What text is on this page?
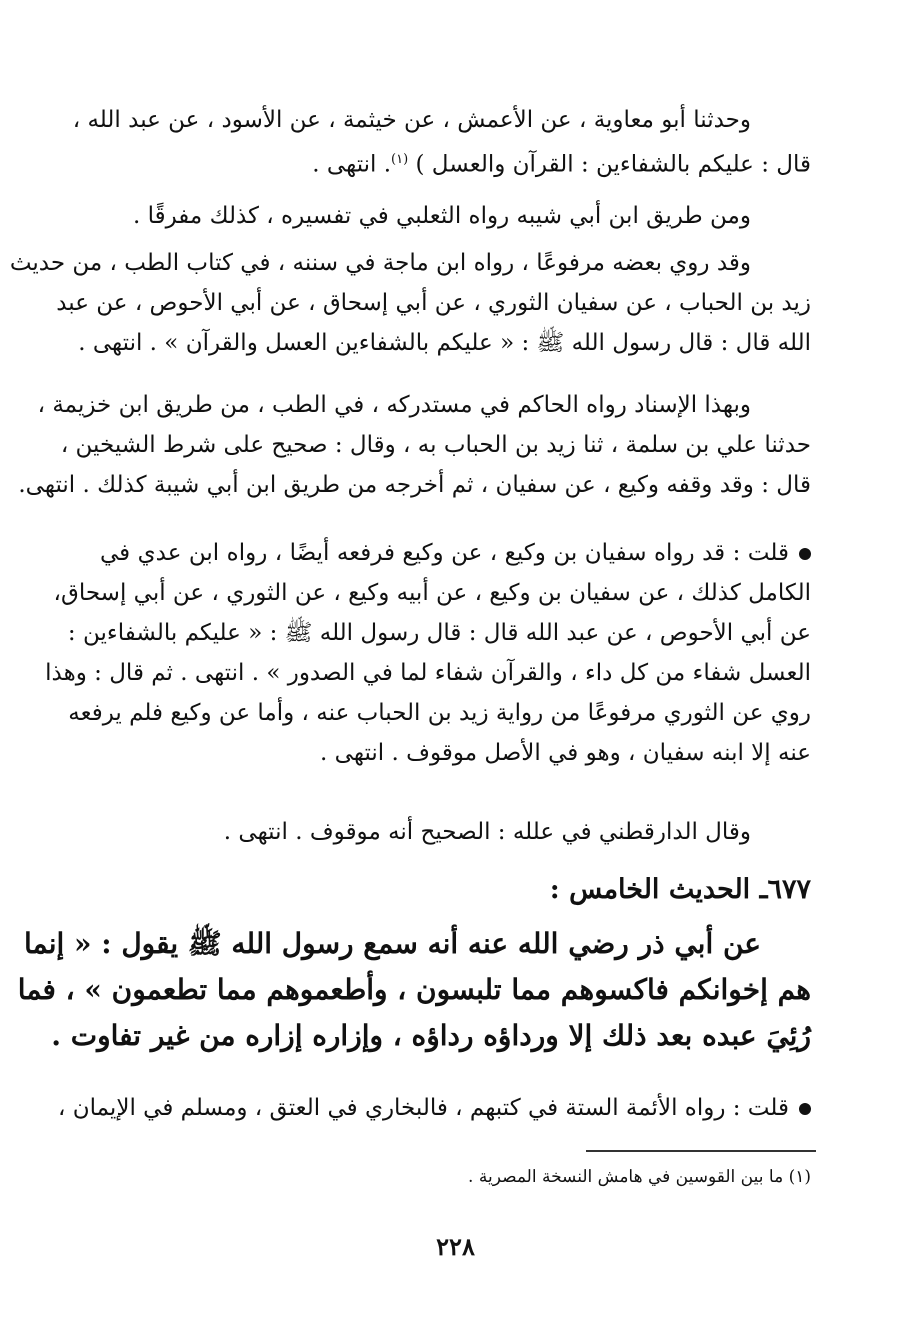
وحدثنا أبو معاوية ، عن الأعمش ، عن خيثمة ، عن الأسود ، عن عبد الله ،
قال : عليكم بالشفاءين : القرآن والعسل ) $^{(١)}$. انتهى .
ومن طريق ابن أبي شيبه رواه الثعلبي في تفسيره ، كذلك مفرقًا .
وقد روي بعضه مرفوعًا ، رواه ابن ماجة في سننه ، في كتاب الطب ، من حديث
زيد بن الحباب ، عن سفيان الثوري ، عن أبي إسحاق ، عن أبي الأحوص ، عن عبد
الله قال : قال رسول الله ﷺ : « عليكم بالشفاءين العسل والقرآن » . انتهى .
وبهذا الإسناد رواه الحاكم في مستدركه ، في الطب ، من طريق ابن خزيمة ،
حدثنا علي بن سلمة ، ثنا زيد بن الحباب به ، وقال : صحيح على شرط الشيخين ،
قال : وقد وقفه وكيع ، عن سفيان ، ثم أخرجه من طريق ابن أبي شيبة كذلك . انتهى.
قلت : قد رواه سفيان بن وكيع ، عن وكيع فرفعه أيضًا ، رواه ابن عدي في
الكامل كذلك ، عن سفيان بن وكيع ، عن أبيه وكيع ، عن الثوري ، عن أبي إسحاق،
عن أبي الأحوص ، عن عبد الله قال : قال رسول الله ﷺ : « عليكم بالشفاءين :
العسل شفاء من كل داء ، والقرآن شفاء لما في الصدور » . انتهى . ثم قال : وهذا
روي عن الثوري مرفوعًا من رواية زيد بن الحباب عنه ، وأما عن وكيع فلم يرفعه
عنه إلا ابنه سفيان ، وهو في الأصل موقوف . انتهى .
وقال الدارقطني في علله : الصحيح أنه موقوف . انتهى .
٦٧٧ـ الحديث الخامس :
عن أبي ذر رضي الله عنه أنه سمع رسول الله ﷺ يقول : « إنما
هم إخوانكم فاكسوهم مما تلبسون ، وأطعموهم مما تطعمون » ، فما
رُئِيَ عبده بعد ذلك إلا ورداؤه رداؤه ، وإزاره إزاره من غير تفاوت .
قلت : رواه الأئمة الستة في كتبهم ، فالبخاري في العتق ، ومسلم في الإيمان ،
(١) ما بين القوسين في هامش النسخة المصرية .
٢٢٨
